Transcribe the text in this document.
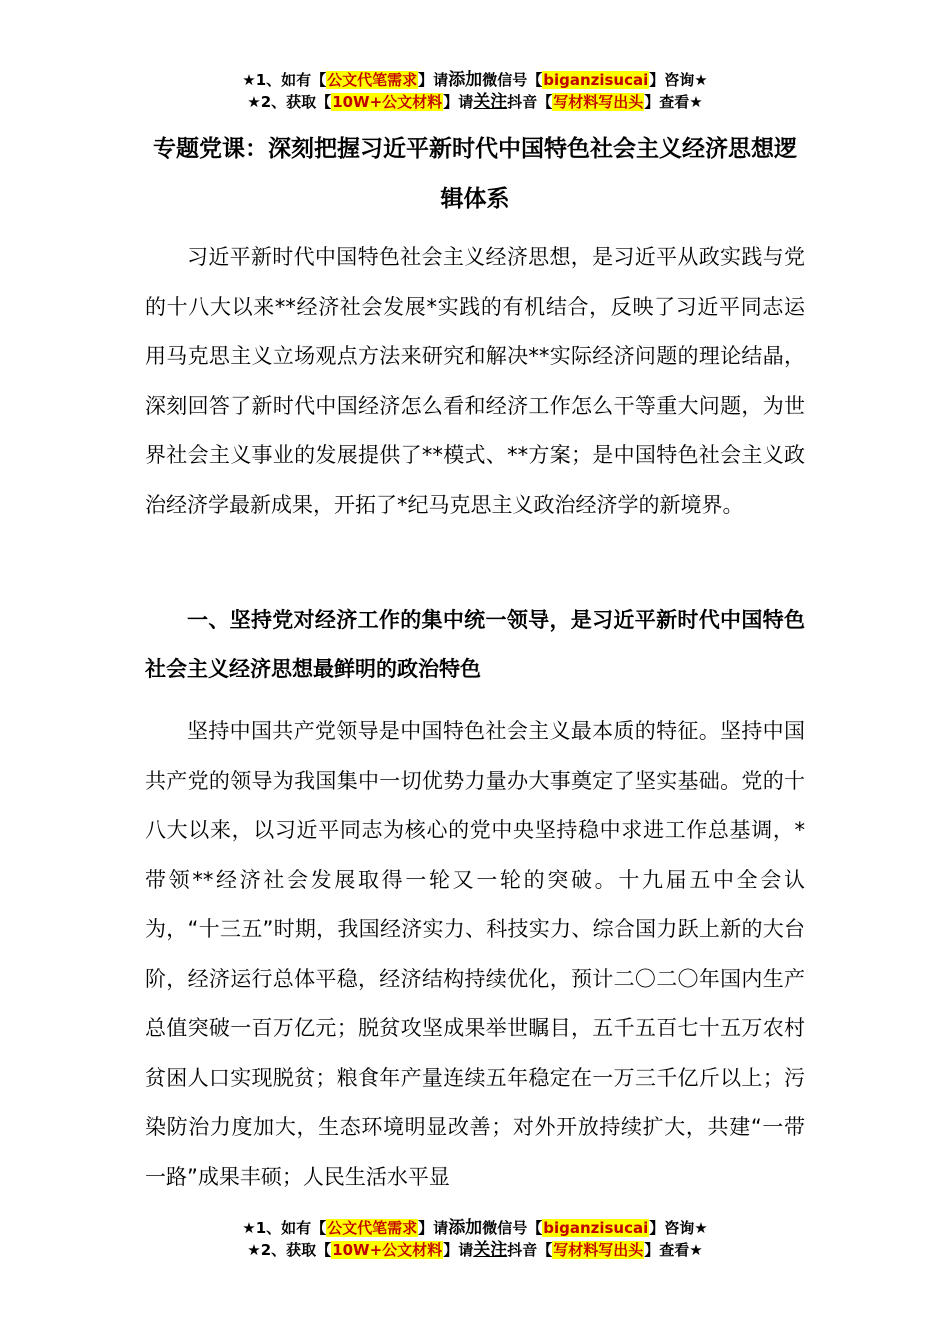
★1、如有【公文代笔需求】请添加微信号【biganzisucai】咨询★
★2、获取【10W+公文材料】请关注抖音【写材料写出头】查看★
专题党课：深刻把握习近平新时代中国特色社会主义经济思想逻辑体系

习近平新时代中国特色社会主义经济思想，是习近平从政实践与党的十八大以来**经济社会发展*实践的有机结合，反映了习近平同志运用马克思主义立场观点方法来研究和解决**实际经济问题的理论结晶，深刻回答了新时代中国经济怎么看和经济工作怎么干等重大问题，为世界社会主义事业的发展提供了**模式、**方案；是中国特色社会主义政治经济学最新成果，开拓了*纪马克思主义政治经济学的新境界。

一、坚持党对经济工作的集中统一领导，是习近平新时代中国特色社会主义经济思想最鲜明的政治特色

坚持中国共产党领导是中国特色社会主义最本质的特征。坚持中国共产党的领导为我国集中一切优势力量办大事奠定了坚实基础。党的十八大以来，以习近平同志为核心的党中央坚持稳中求进工作总基调，*带领**经济社会发展取得一轮又一轮的突破。十九届五中全会认为，“十三五”时期，我国经济实力、科技实力、综合国力跃上新的大台阶，经济运行总体平稳，经济结构持续优化，预计二〇二〇年国内生产总值突破一百万亿元；脱贫攻坚成果举世瞩目，五千五百七十五万农村贫困人口实现脱贫；粮食年产量连续五年稳定在一万三千亿斤以上；污染防治力度加大，生态环境明显改善；对外开放持续扩大，共建“一带一路”成果丰硕；人民生活水平显

★1、如有【公文代笔需求】请添加微信号【biganzisucai】咨询★
★2、获取【10W+公文材料】请关注抖音【写材料写出头】查看★
